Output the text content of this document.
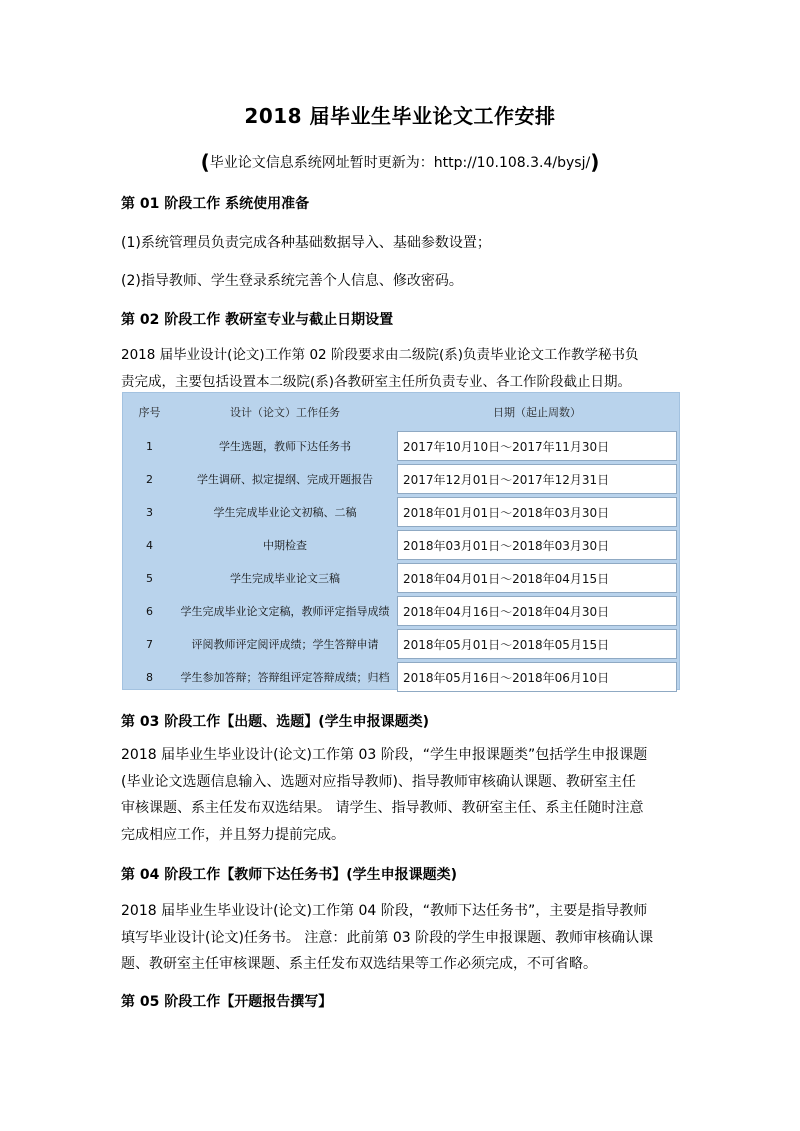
2018 届毕业生毕业论文工作安排
(毕业论文信息系统网址暂时更新为：http://10.108.3.4/bysj/)
第 01 阶段工作 系统使用准备
(1)系统管理员负责完成各种基础数据导入、基础参数设置；
(2)指导教师、学生登录系统完善个人信息、修改密码。
第 02 阶段工作 教研室专业与截止日期设置
2018 届毕业设计(论文)工作第 02 阶段要求由二级院(系)负责毕业论文工作教学秘书负
责完成，主要包括设置本二级院(系)各教研室主任所负责专业、各工作阶段截止日期。
序号	设计（论文）工作任务	日期（起止周数）
1	学生选题，教师下达任务书	2017年10月10日～2017年11月30日
2	学生调研、拟定提纲、完成开题报告	2017年12月01日～2017年12月31日
3	学生完成毕业论文初稿、二稿	2018年01月01日～2018年03月30日
4	中期检查	2018年03月01日～2018年03月30日
5	学生完成毕业论文三稿	2018年04月01日～2018年04月15日
6	学生完成毕业论文定稿，教师评定指导成绩	2018年04月16日～2018年04月30日
7	评阅教师评定阅评成绩；学生答辩申请	2018年05月01日～2018年05月15日
8	学生参加答辩；答辩组评定答辩成绩；归档	2018年05月16日～2018年06月10日
第 03 阶段工作【出题、选题】(学生申报课题类)
2018 届毕业生毕业设计(论文)工作第 03 阶段，“学生申报课题类”包括学生申报课题
(毕业论文选题信息输入、选题对应指导教师)、指导教师审核确认课题、教研室主任
审核课题、系主任发布双选结果。 请学生、指导教师、教研室主任、系主任随时注意
完成相应工作，并且努力提前完成。
第 04 阶段工作【教师下达任务书】(学生申报课题类)
2018 届毕业生毕业设计(论文)工作第 04 阶段，“教师下达任务书”，主要是指导教师
填写毕业设计(论文)任务书。 注意：此前第 03 阶段的学生申报课题、教师审核确认课
题、教研室主任审核课题、系主任发布双选结果等工作必须完成，不可省略。
第 05 阶段工作【开题报告撰写】
